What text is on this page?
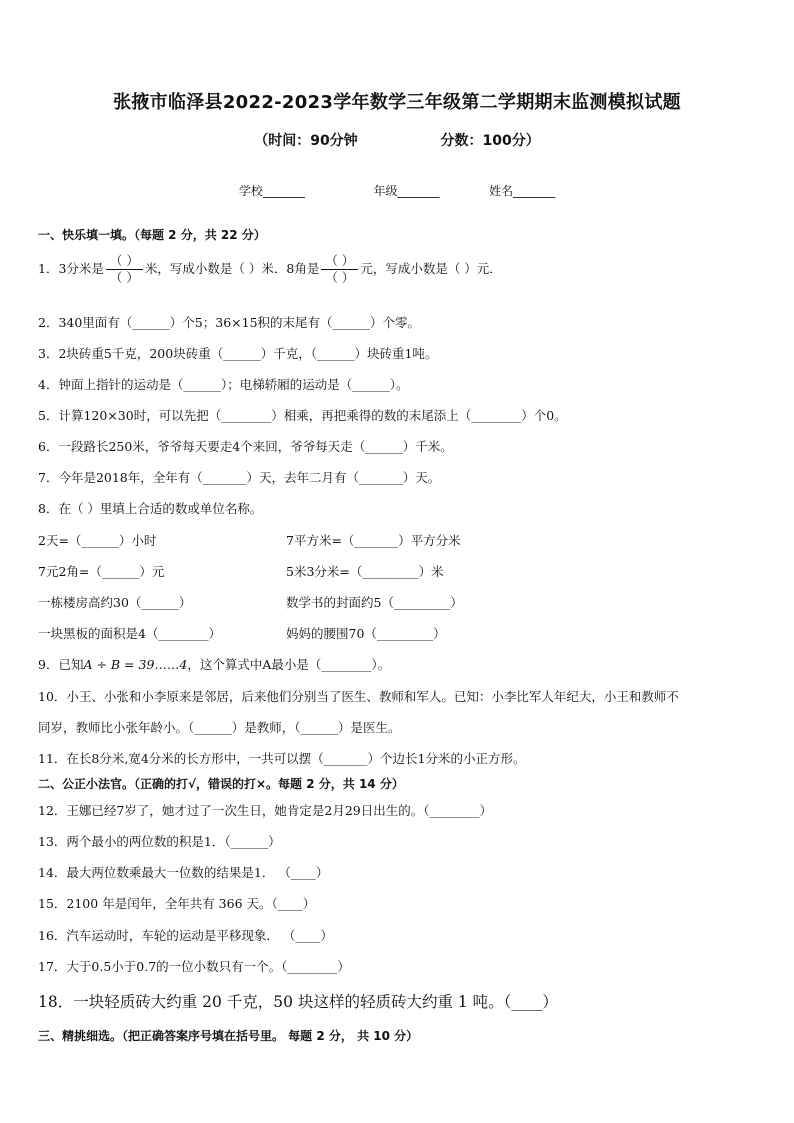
张掖市临泽县2022-2023学年数学三年级第二学期期末监测模拟试题
（时间：90分钟                 分数：100分）
学校_______                  年级_______             姓名_______
一、快乐填一填。（每题 2 分，共 22 分）
1．3分米是 $\frac{( )}{( )}$ 米，写成小数是（ ）米．8角是 $\frac{( )}{( )}$ 元，写成小数是（ ）元．
2．340里面有（______）个5；36×15积的末尾有（______）个零。
3．2块砖重5千克，200块砖重（______）千克，（______）块砖重1吨。
4．钟面上指针的运动是（______）；电梯轿厢的运动是（______）。
5．计算120×30时，可以先把（________）相乘，再把乘得的数的末尾添上（________）个0。
6．一段路长250米，爷爷每天要走4个来回，爷爷每天走（______）千米。
7．今年是2018年，全年有（_______）天，去年二月有（_______）天。
8．在（ ）里填上合适的数或单位名称。
2天=（______）小时	7平方米=（_______）平方分米
7元2角=（______）元	5米3分米=（_________）米
一栋楼房高约30（______）	数学书的封面约5（_________）
一块黑板的面积是4（________）	妈妈的腰围70（_________）
9．已知A ÷ B = 39……4，这个算式中A最小是（________）。
10．小王、小张和小李原来是邻居，后来他们分别当了医生、教师和军人。已知：小李比军人年纪大，小王和教师不
同岁，教师比小张年龄小。（______）是教师，（______）是医生。
11．在长8分米,宽4分米的长方形中，一共可以摆（_______）个边长1分米的小正方形。
二、公正小法官。（正确的打√，错误的打×。每题 2 分，共 14 分）
12．王娜已经7岁了，她才过了一次生日，她肯定是2月29日出生的。（________）
13．两个最小的两位数的积是1．（______）
14．最大两位数乘最大一位数的结果是1． （____）
15．2100 年是闰年，全年共有 366 天。（____）
16．汽车运动时，车轮的运动是平移现象． （____）
17．大于0.5小于0.7的一位小数只有一个。（________）
18．一块轻质砖大约重 20 千克，50 块这样的轻质砖大约重 1 吨。（____）
三、精挑细选。（把正确答案序号填在括号里。 每题 2 分， 共 10 分）
